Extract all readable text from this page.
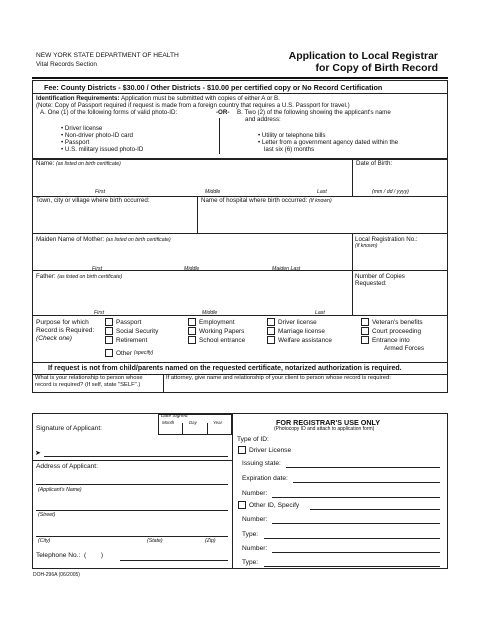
NEW YORK STATE DEPARTMENT OF HEALTH
Vital Records Section
Application to Local Registrar
for Copy of Birth Record
Fee: County Districts - $30.00 / Other Districts - $10.00 per certified copy or No Record Certification
Identification Requirements: Application must be submitted with copies of either A or B.
(Note: Copy of Passport required if request is made from a foreign country that requires a U.S. Passport for travel.)
A. One (1) of the following forms of valid photo-ID:	-OR- B. Two (2) of the following showing the applicant's name
and address:
• Driver license
• Non-driver photo-ID card
• Passport
• U.S. military issued photo-ID
• Utility or telephone bills
• Letter from a government agency dated within the
last six (6) months
Name: (as listed on birth certificate)	Date of Birth:
First	Middle	Last	(mm / dd / yyyy)
Town, city or village where birth occurred:	Name of hospital where birth occurred: (If known)
Maiden Name of Mother: (as listed on birth certificate)	Local Registration No.:
(if known)
First	Middle	Maiden Last
Father: (as listed on birth certificate)	Number of Copies
Requested:
First	Middle	Last
Purpose for which
Record is Required:
(Check one)
Passport
Social Security
Retirement
Other
(specify)
Employment
Working Papers
School entrance
Driver license
Marriage license
Welfare assistance
Veteran's benefits
Court proceeding
Entrance into
Armed Forces
If request is not from child/parents named on the requested certificate, notarized authorization is required.
What is your relationship to person whose
record is required? (If self, state "SELF".)
If attorney, give name and relationship of your client to person whose record is required:
Signature of Applicant:
Date Signed:
Month	Day	Year
➤
Address of Applicant:
(Applicant's Name)
(Street)
(City)	(State)	(Zip)
Telephone No.:  (        )
FOR REGISTRAR'S USE ONLY
(Photocopy ID and attach to application form)
Type of ID:
Driver License
Issuing state:
Expiration date:
Number:
Other ID, Specify
Number:
Type:
Number:
Type:
DOH-296A (06/2005)
